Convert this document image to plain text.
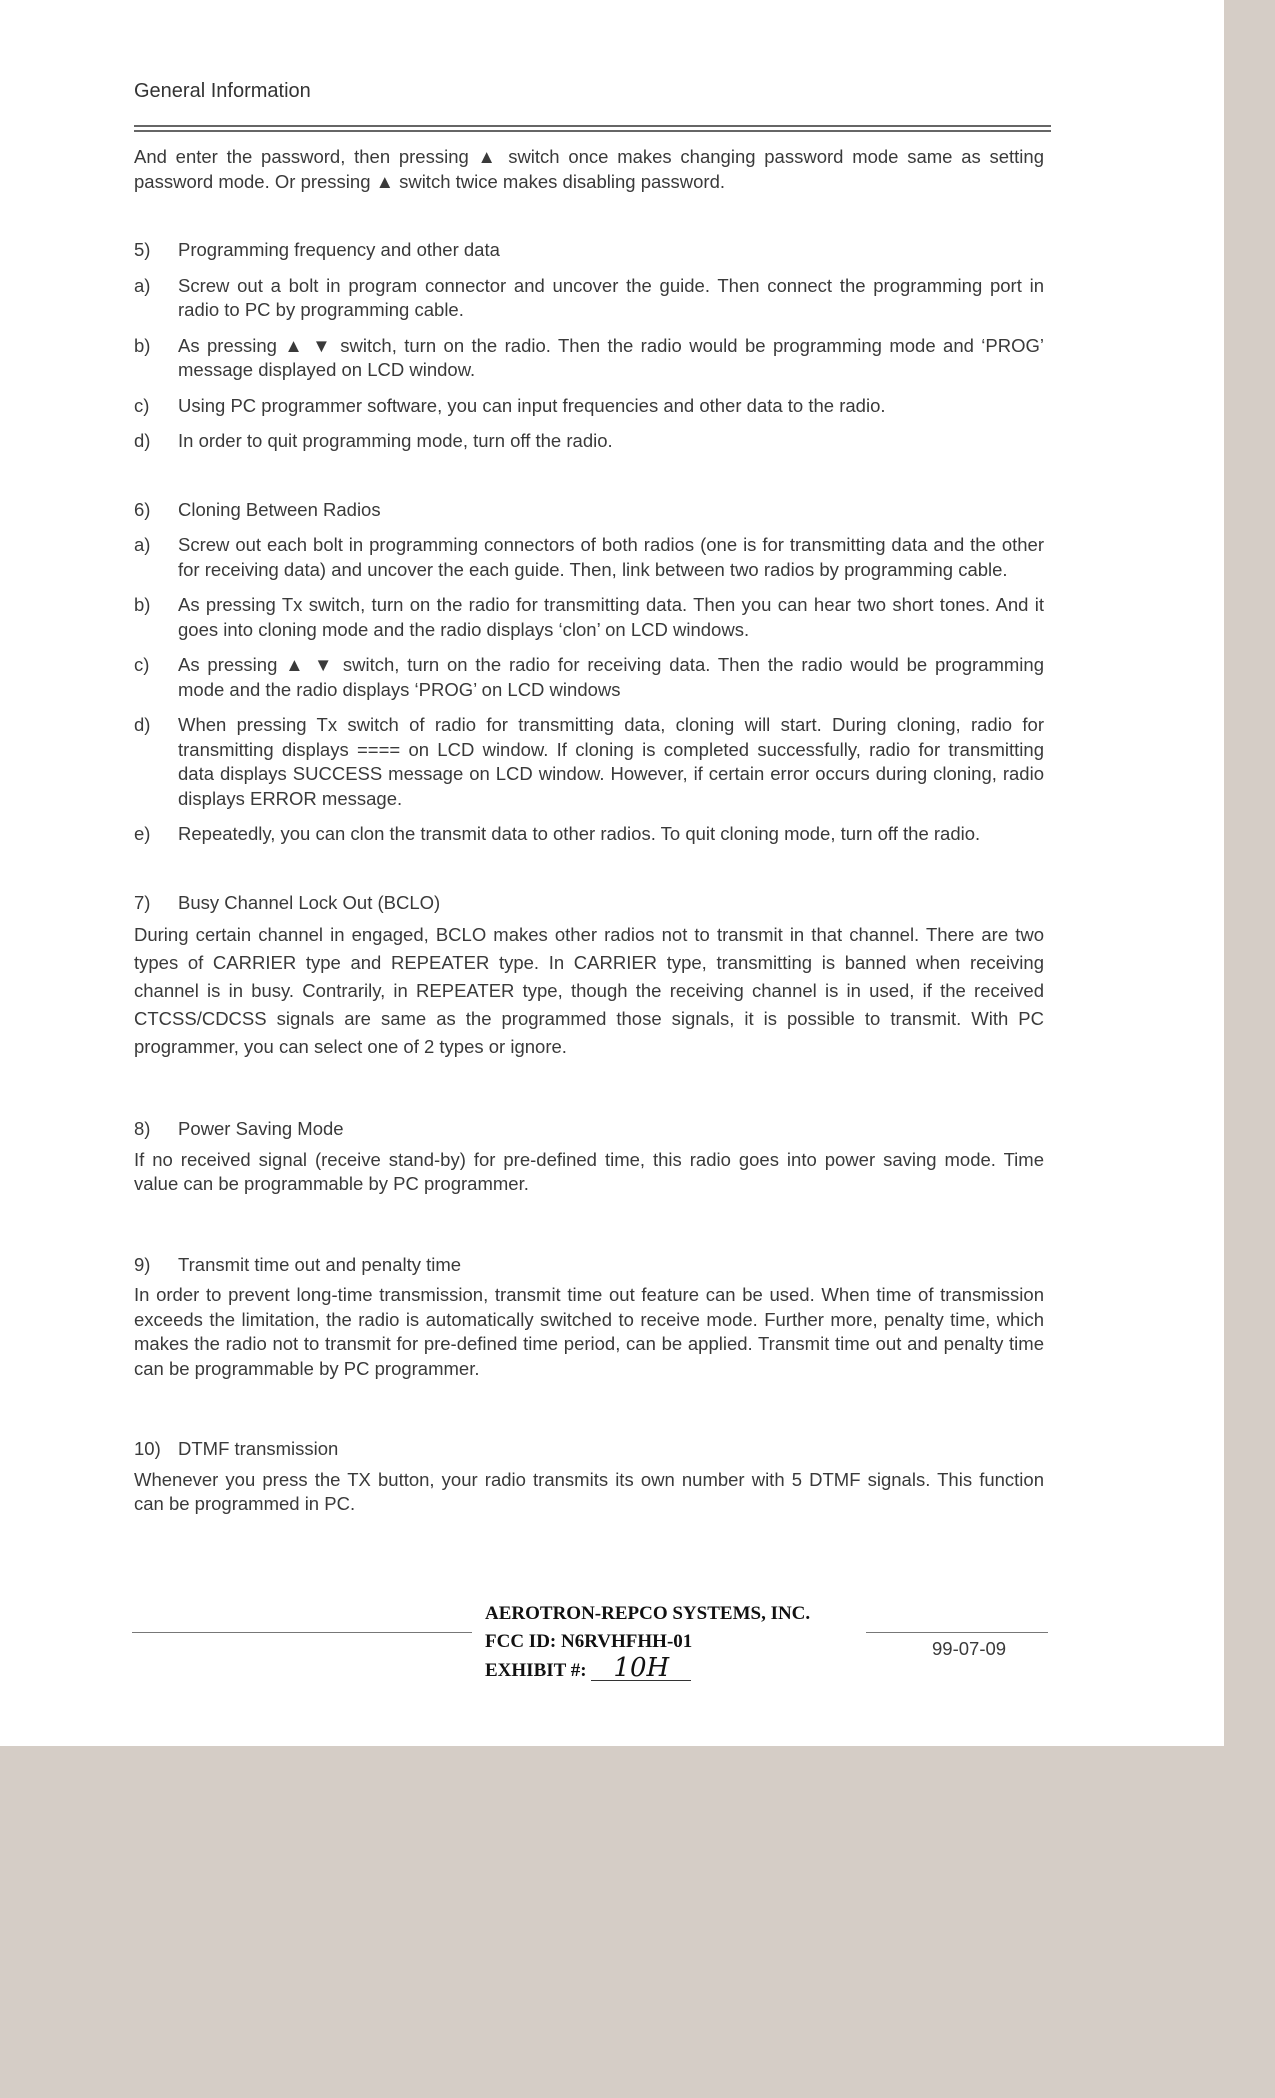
General Information

And enter the password, then pressing ▲ switch once makes changing password mode same as setting password mode. Or pressing ▲ switch twice makes disabling password.

5) Programming frequency and other data
a) Screw out a bolt in program connector and uncover the guide. Then connect the programming port in radio to PC by programming cable.
b) As pressing ▲ ▼ switch, turn on the radio. Then the radio would be programming mode and ‘PROG’ message displayed on LCD window.
c) Using PC programmer software, you can input frequencies and other data to the radio.
d) In order to quit programming mode, turn off the radio.
6) Cloning Between Radios
a) Screw out each bolt in programming connectors of both radios (one is for transmitting data and the other for receiving data) and uncover the each guide. Then, link between two radios by programming cable.
b) As pressing Tx switch, turn on the radio for transmitting data. Then you can hear two short tones. And it goes into cloning mode and the radio displays ‘clon’ on LCD windows.
c) As pressing ▲ ▼ switch, turn on the radio for receiving data. Then the radio would be programming mode and the radio displays ‘PROG’ on LCD windows
d) When pressing Tx switch of radio for transmitting data, cloning will start. During cloning, radio for transmitting displays ==== on LCD window. If cloning is completed successfully, radio for transmitting data displays SUCCESS message on LCD window. However, if certain error occurs during cloning, radio displays ERROR message.
e) Repeatedly, you can clon the transmit data to other radios. To quit cloning mode, turn off the radio.
7) Busy Channel Lock Out (BCLO)

During certain channel in engaged, BCLO makes other radios not to transmit in that channel. There are two types of CARRIER type and REPEATER type. In CARRIER type, transmitting is banned when receiving channel is in busy. Contrarily, in REPEATER type, though the receiving channel is in used, if the received CTCSS/CDCSS signals are same as the programmed those signals, it is possible to transmit. With PC programmer, you can select one of 2 types or ignore.

8) Power Saving Mode

If no received signal (receive stand-by) for pre-defined time, this radio goes into power saving mode. Time value can be programmable by PC programmer.

9) Transmit time out and penalty time

In order to prevent long-time transmission, transmit time out feature can be used. When time of transmission exceeds the limitation, the radio is automatically switched to receive mode. Further more, penalty time, which makes the radio not to transmit for pre-defined time period, can be applied. Transmit time out and penalty time can be programmable by PC programmer.

10) DTMF transmission

Whenever you press the TX button, your radio transmits its own number with 5 DTMF signals. This function can be programmed in PC.

AEROTRON-REPCO SYSTEMS, INC.
FCC ID: N6RVHFHH-01
EXHIBIT #: 10H
99-07-09
